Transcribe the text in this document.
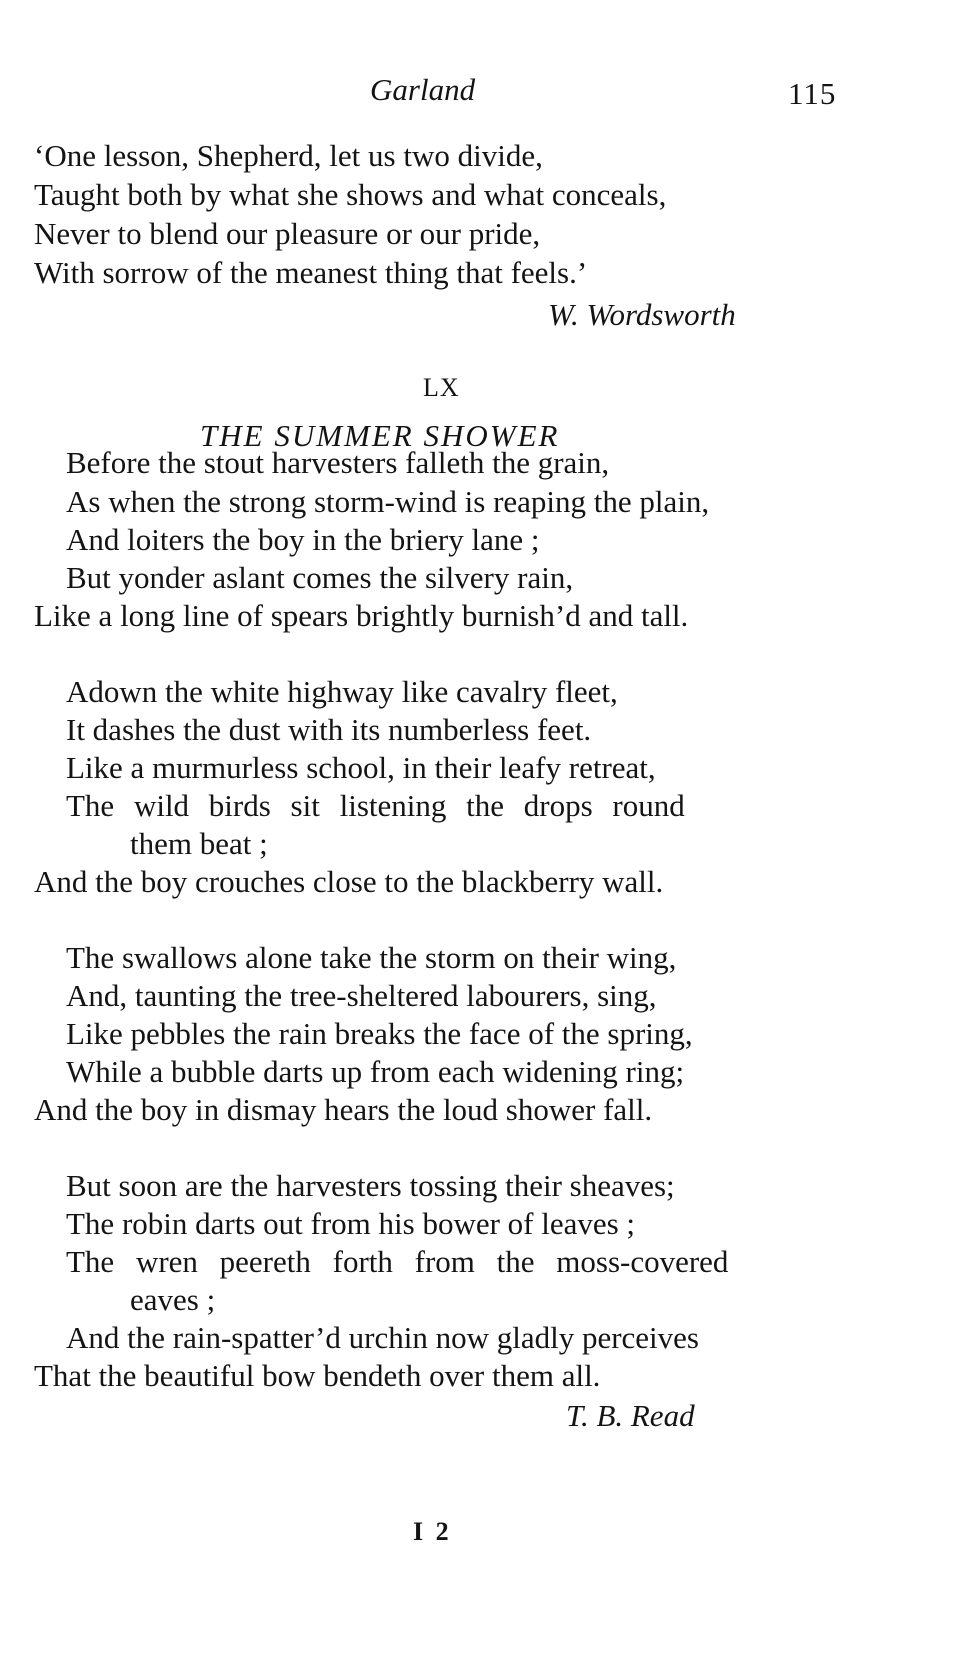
Garland	115
‘One lesson, Shepherd, let us two divide,
Taught both by what she shows and what conceals,
Never to blend our pleasure or our pride,
With sorrow of the meanest thing that feels.’
W. Wordsworth
LX
THE SUMMER SHOWER
Before the stout harvesters falleth the grain,
As when the strong storm-wind is reaping the plain,
And loiters the boy in the briery lane ;
But yonder aslant comes the silvery rain,
Like a long line of spears brightly burnish’d and tall.
Adown the white highway like cavalry fleet,
It dashes the dust with its numberless feet.
Like a murmurless school, in their leafy retreat,
The wild birds sit listening the drops round
them beat ;
And the boy crouches close to the blackberry wall.
The swallows alone take the storm on their wing,
And, taunting the tree-sheltered labourers, sing,
Like pebbles the rain breaks the face of the spring,
While a bubble darts up from each widening ring;
And the boy in dismay hears the loud shower fall.
But soon are the harvesters tossing their sheaves;
The robin darts out from his bower of leaves ;
The wren peereth forth from the moss-covered
eaves ;
And the rain-spatter’d urchin now gladly perceives
That the beautiful bow bendeth over them all.
T. B. Read
I 2
